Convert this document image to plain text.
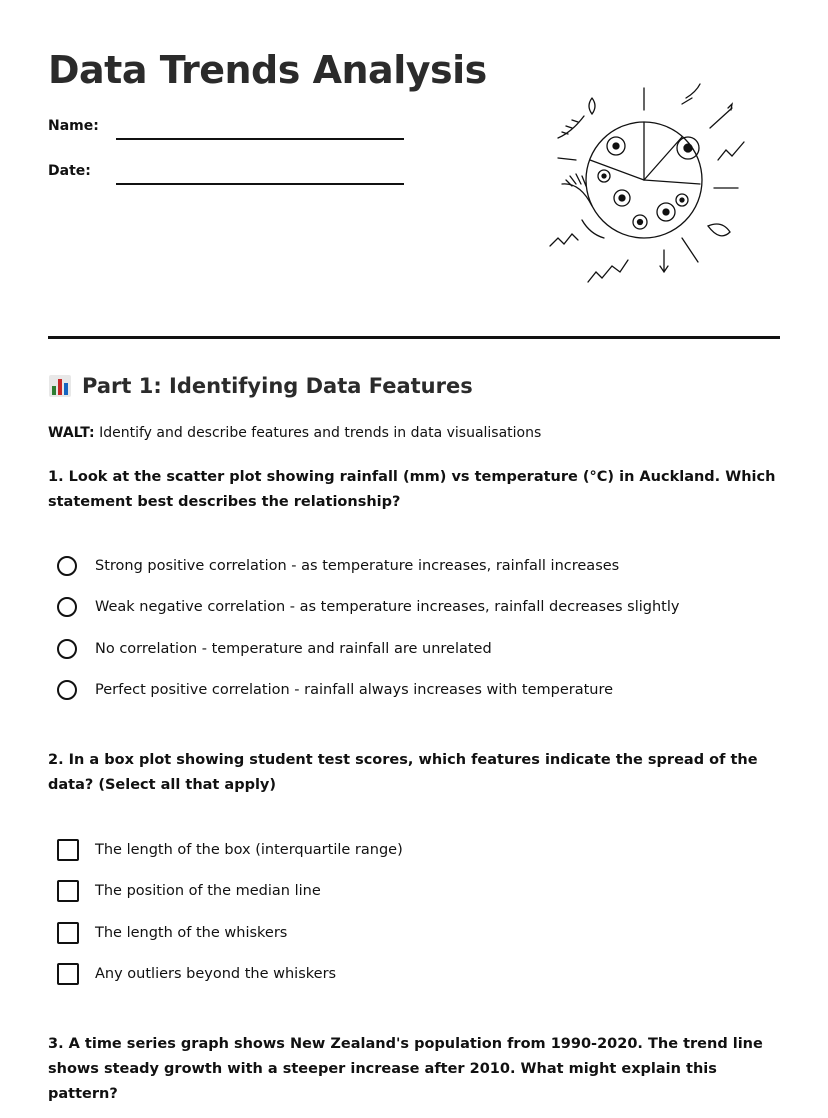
Data Trends Analysis
Name:
Date:
Part 1: Identifying Data Features
WALT: Identify and describe features and trends in data visualisations

1. Look at the scatter plot showing rainfall (mm) vs temperature (°C) in Auckland. Which statement best describes the relationship?

Strong positive correlation - as temperature increases, rainfall increases
Weak negative correlation - as temperature increases, rainfall decreases slightly
No correlation - temperature and rainfall are unrelated
Perfect positive correlation - rainfall always increases with temperature

2. In a box plot showing student test scores, which features indicate the spread of the data? (Select all that apply)

The length of the box (interquartile range)
The position of the median line
The length of the whiskers
Any outliers beyond the whiskers

3. A time series graph shows New Zealand's population from 1990-2020. The trend line shows steady growth with a steeper increase after 2010. What might explain this pattern?
